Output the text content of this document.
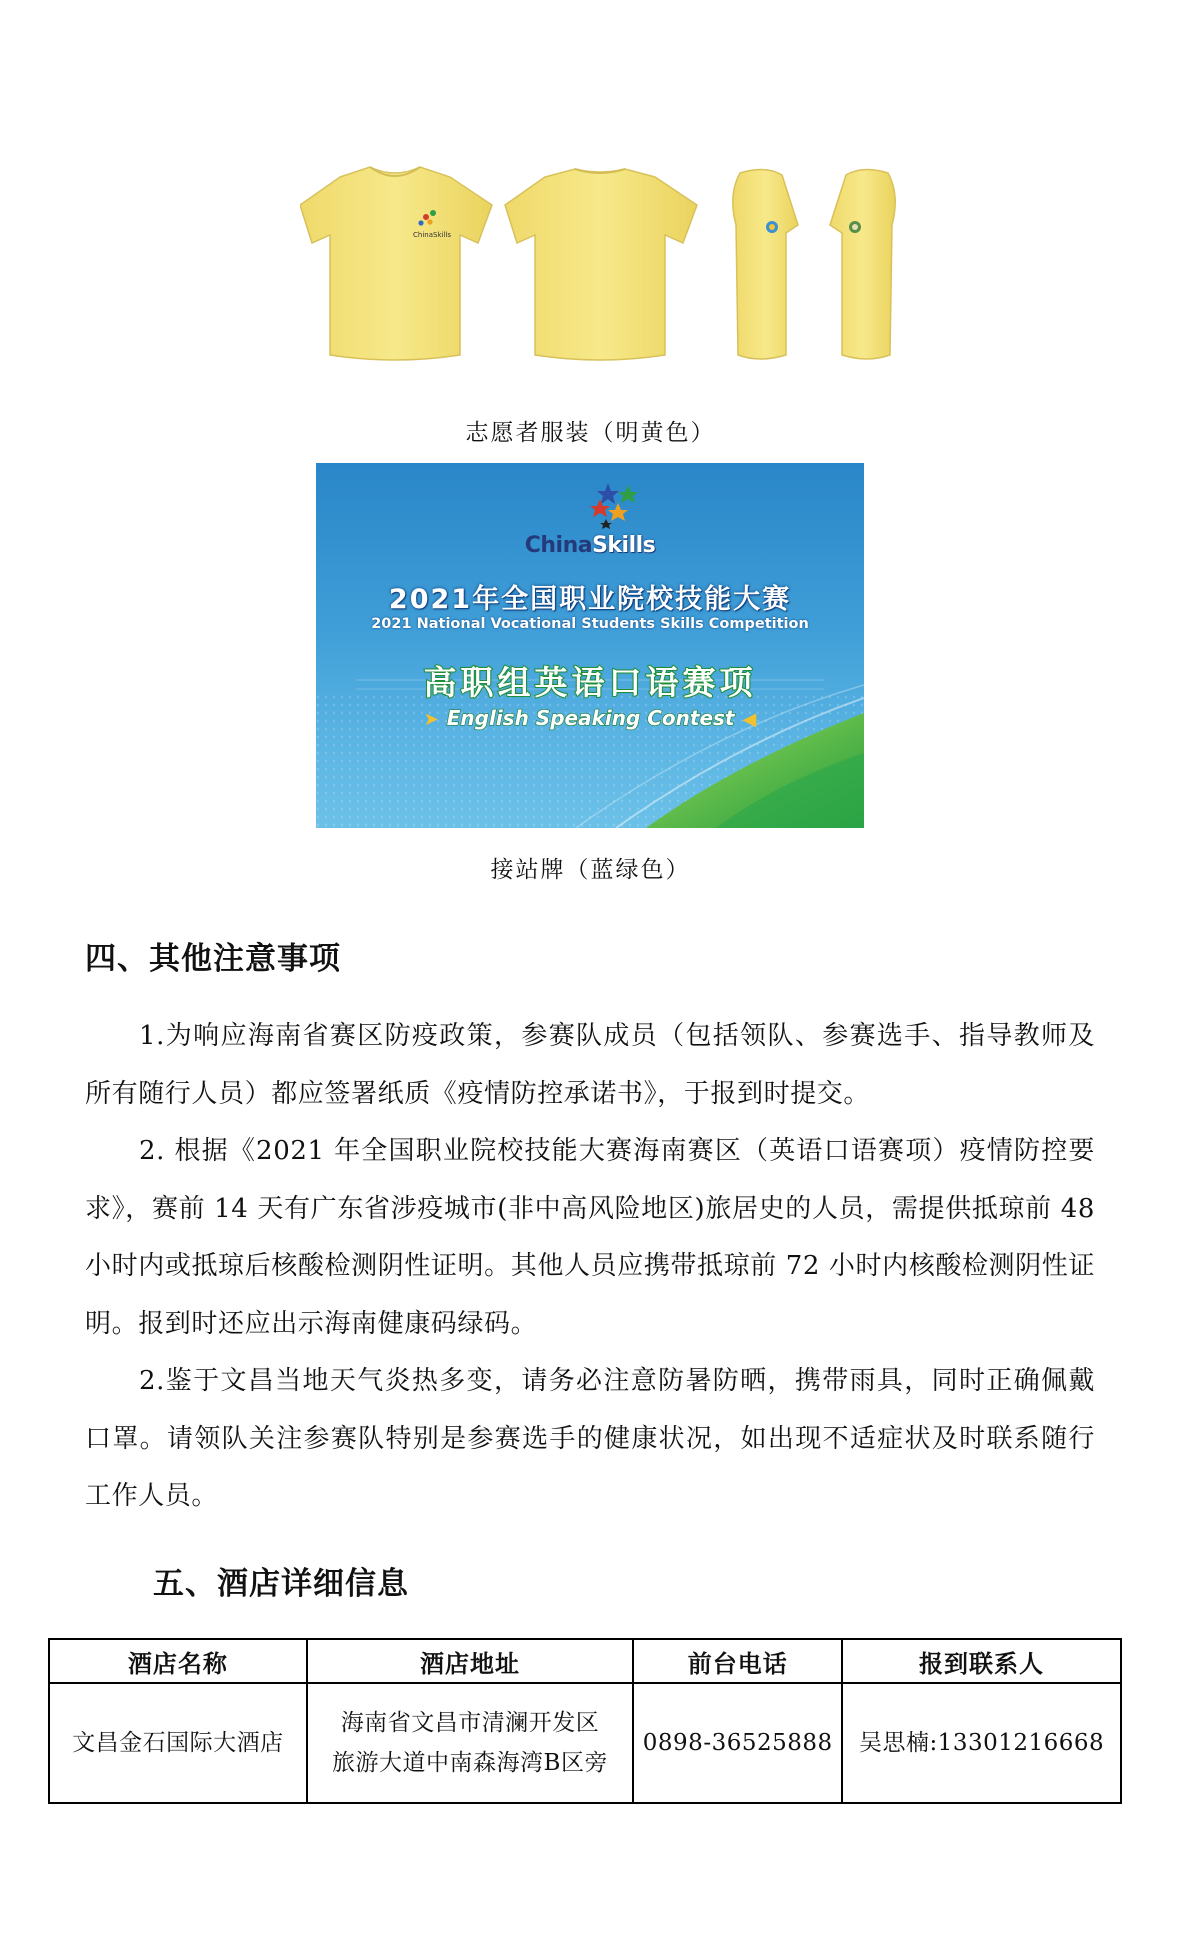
ChinaSkills
志愿者服装（明黄色）
ChinaSkills
2021年全国职业院校技能大赛
2021 National Vocational Students Skills Competition
高职组英语口语赛项
➤ English Speaking Contest ◀
接站牌（蓝绿色）
四、其他注意事项
1.为响应海南省赛区防疫政策，参赛队成员（包括领队、参赛选手、指导教师及所有随行人员）都应签署纸质《疫情防控承诺书》，于报到时提交。
2. 根据《2021 年全国职业院校技能大赛海南赛区（英语口语赛项）疫情防控要求》，赛前 14 天有广东省涉疫城市(非中高风险地区)旅居史的人员，需提供抵琼前 48 小时内或抵琼后核酸检测阴性证明。其他人员应携带抵琼前 72 小时内核酸检测阴性证明。报到时还应出示海南健康码绿码。
2.鉴于文昌当地天气炎热多变，请务必注意防暑防晒，携带雨具，同时正确佩戴口罩。请领队关注参赛队特别是参赛选手的健康状况，如出现不适症状及时联系随行工作人员。
五、酒店详细信息
酒店名称	酒店地址	前台电话	报到联系人
文昌金石国际大酒店	海南省文昌市清澜开发区
旅游大道中南森海湾B区旁	0898-36525888	吴思楠:13301216668
